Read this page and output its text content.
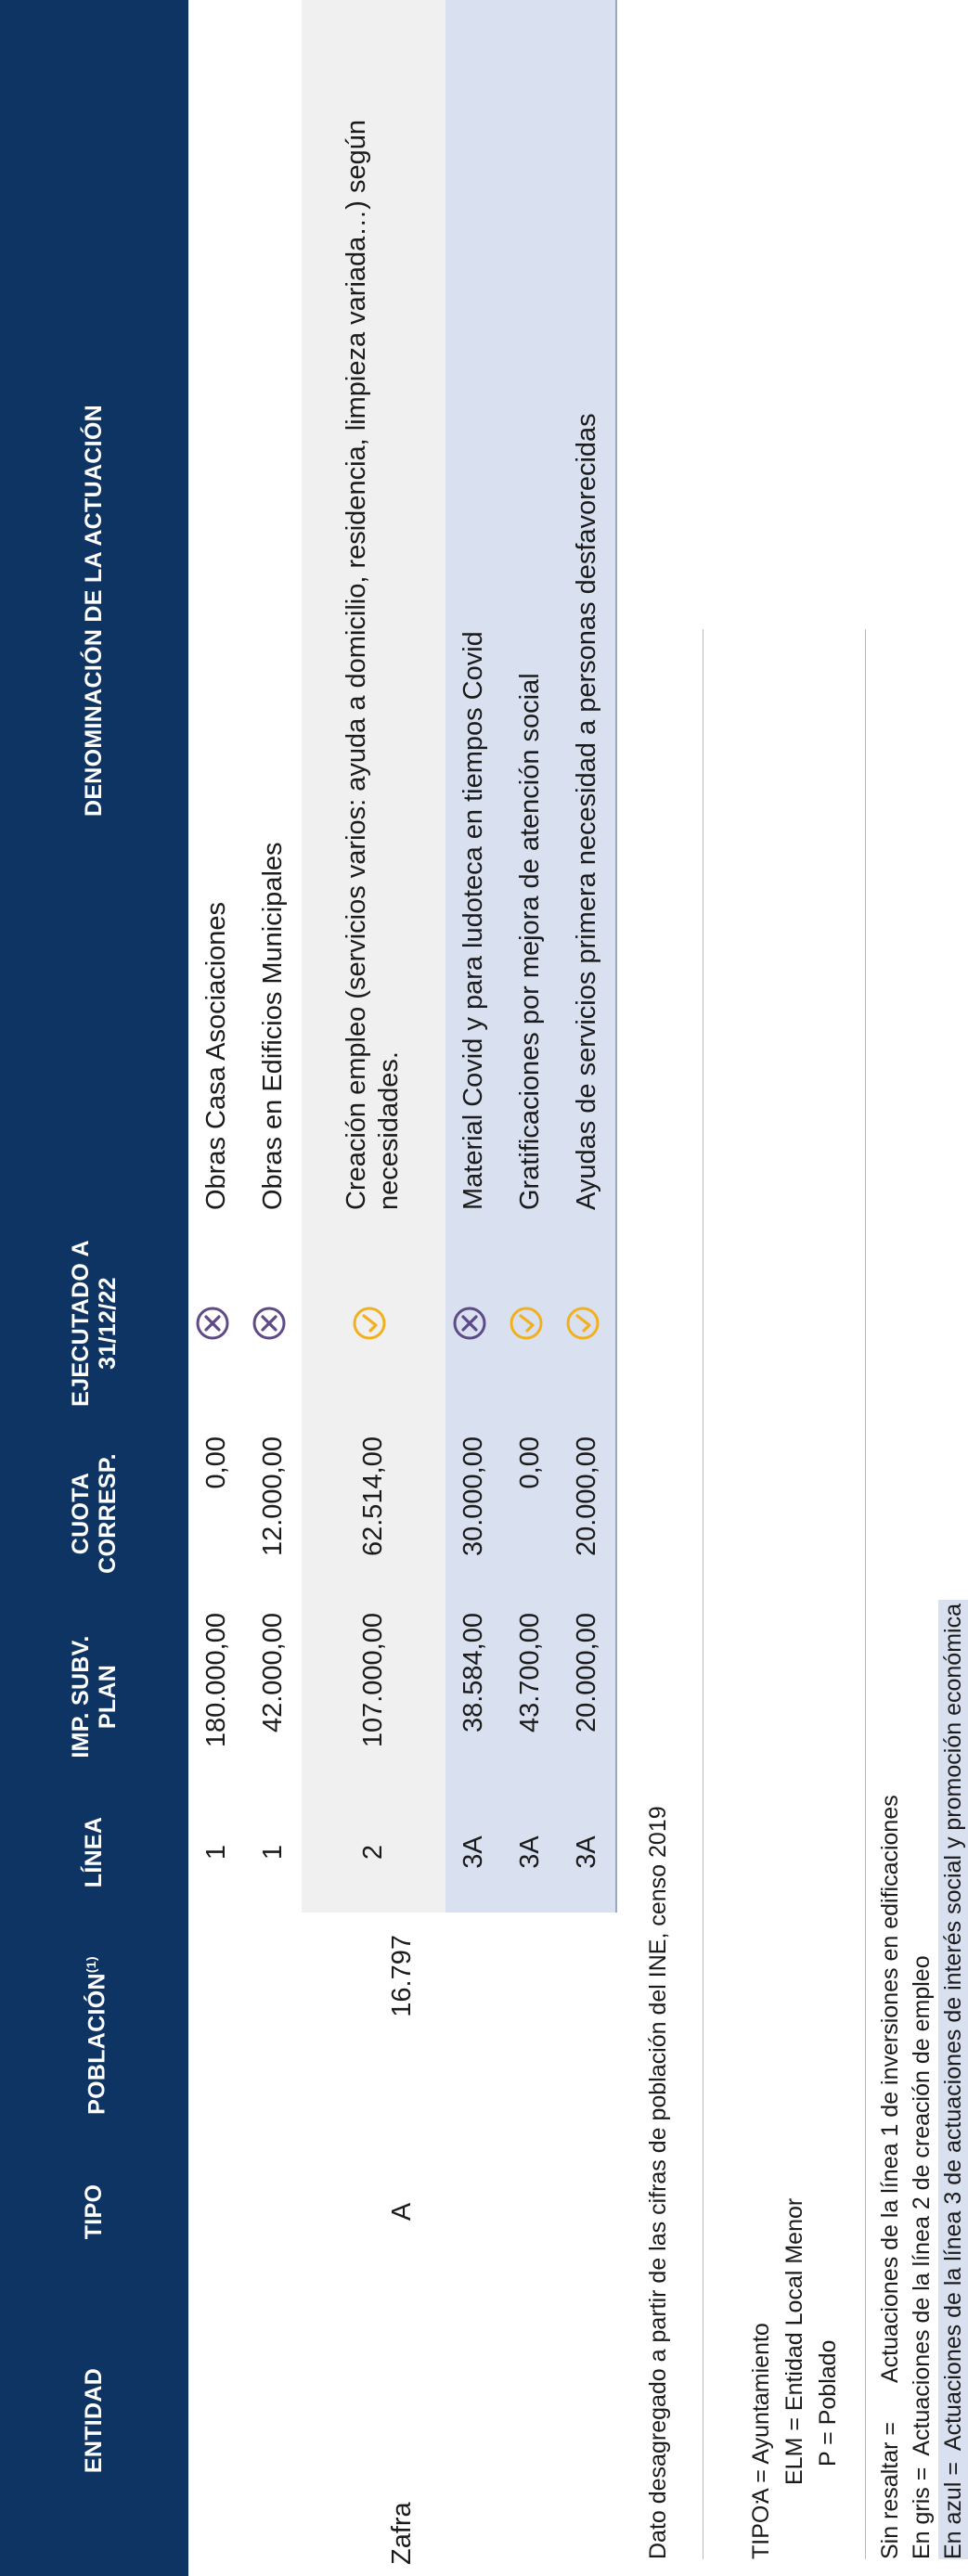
ENTIDAD	TIPO	POBLACIÓN$^{(1)}$	LÍNEA	IMP. SUBV. PLAN	CUOTA CORRESP.	EJECUTADO A 31/12/22	DENOMINACIÓN DE LA ACTUACIÓN
Zafra	A	16.797	1	180.000,00	0,00		Obras Casa Asociaciones
			1	42.000,00	12.000,00		Obras en Edificios Municipales
			2	107.000,00	62.514,00		Creación empleo (servicios varios: ayuda a domicilio, residencia, limpieza variada…) según necesidades.
			3A	38.584,00	30.000,00		Material Covid y para ludoteca en tiempos Covid
			3A	43.700,00	0,00		Gratificaciones por mejora de atención social
			3A	20.000,00	20.000,00		Ayudas de servicios primera necesidad a personas desfavorecidas
Dato desagregado a partir de las cifras de población del INE, censo 2019	TIPO:
A = Ayuntamiento ELM = Entidad Local Menor P = Poblado
Sin resaltar =Actuaciones de la línea 1 de inversiones en edificaciones
En gris =Actuaciones de la línea 2 de creación de empleo
En azul =Actuaciones de la línea 3 de actuaciones de interés social y promoción económica
